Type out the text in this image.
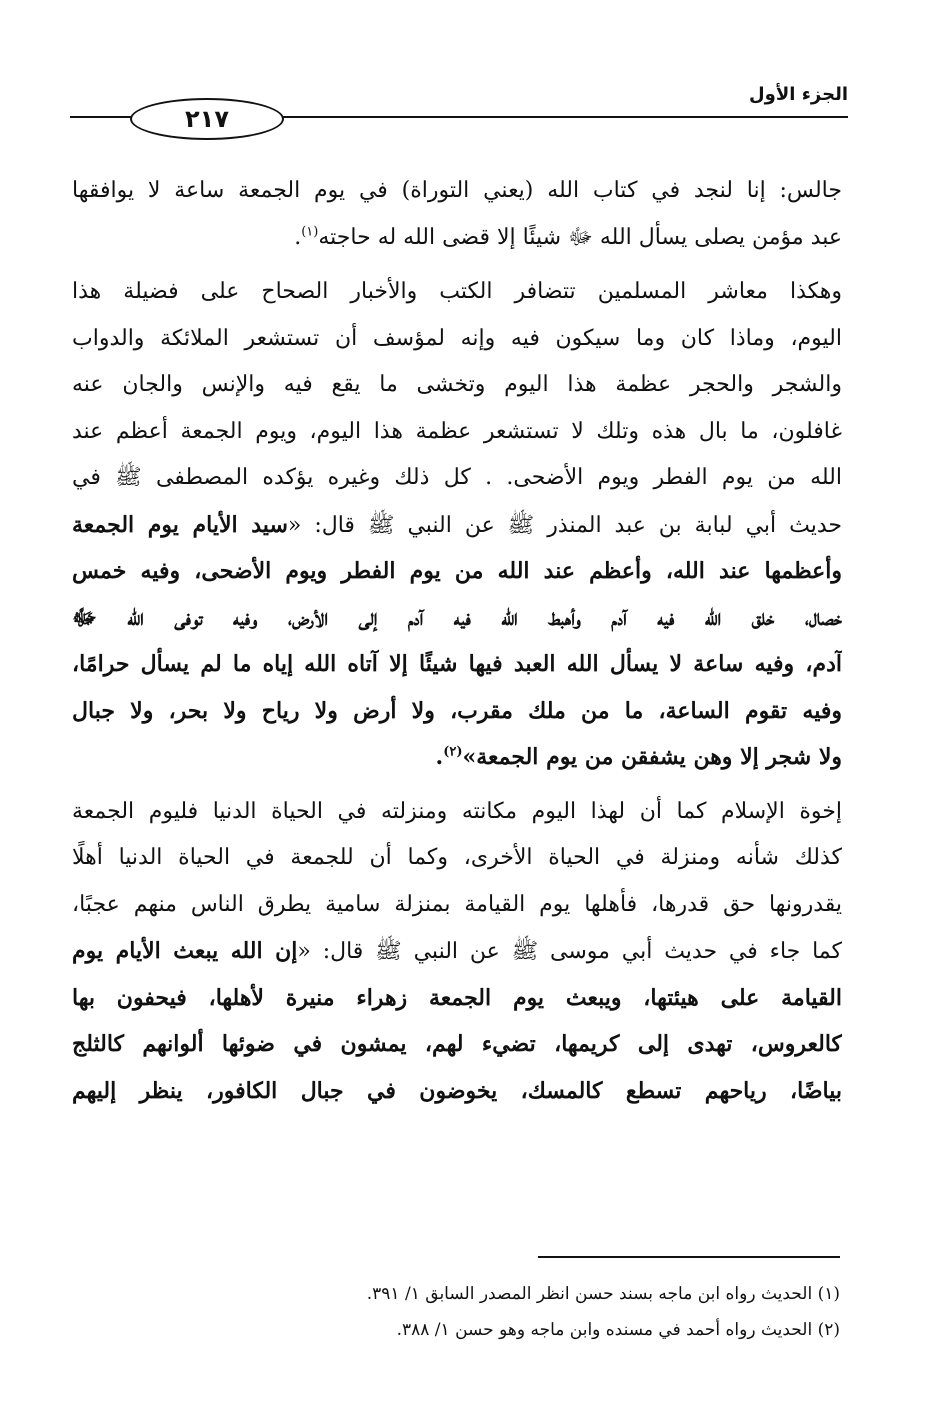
الجزء الأول
٢١٧
جالس: إنا لنجد في كتاب الله (يعني التوراة) في يوم الجمعة ساعة لا يوافقها
عبد مؤمن يصلى يسأل الله ﷻ شيئًا إلا قضى الله له حاجته$^{(١)}$.
وهكذا معاشر المسلمين تتضافر الكتب والأخبار الصحاح على فضيلة هذا
اليوم، وماذا كان وما سيكون فيه وإنه لمؤسف أن تستشعر الملائكة والدواب
والشجر والحجر عظمة هذا اليوم وتخشى ما يقع فيه والإنس والجان عنه
غافلون، ما بال هذه وتلك لا تستشعر عظمة هذا اليوم، ويوم الجمعة أعظم عند
الله من يوم الفطر ويوم الأضحى. . كل ذلك وغيره يؤكده المصطفى ﷺ في
حديث أبي لبابة بن عبد المنذر ﷺ عن النبي ﷺ قال: «سيد الأيام يوم الجمعة
وأعظمها عند الله، وأعظم عند الله من يوم الفطر ويوم الأضحى، وفيه خمس
خصال، خلق الله فيه آدم وأهبط الله فيه آدم إلى الأرض، وفيه توفى الله ﷻ
آدم، وفيه ساعة لا يسأل الله العبد فيها شيئًا إلا آتاه الله إياه ما لم يسأل حرامًا،
وفيه تقوم الساعة، ما من ملك مقرب، ولا أرض ولا رياح ولا بحر، ولا جبال
ولا شجر إلا وهن يشفقن من يوم الجمعة»$^{(٢)}$.
إخوة الإسلام كما أن لهذا اليوم مكانته ومنزلته في الحياة الدنيا فليوم الجمعة
كذلك شأنه ومنزلة في الحياة الأخرى، وكما أن للجمعة في الحياة الدنيا أهلًا
يقدرونها حق قدرها، فأهلها يوم القيامة بمنزلة سامية يطرق الناس منهم عجبًا،
كما جاء في حديث أبي موسى ﷺ عن النبي ﷺ قال: «إن الله يبعث الأيام يوم
القيامة على هيئتها، ويبعث يوم الجمعة زهراء منيرة لأهلها، فيحفون بها
كالعروس، تهدى إلى كريمها، تضيء لهم، يمشون في ضوئها ألوانهم كالثلج
بياضًا، رياحهم تسطع كالمسك، يخوضون في جبال الكافور، ينظر إليهم
(١) الحديث رواه ابن ماجه بسند حسن انظر المصدر السابق ١/ ٣٩١.
(٢) الحديث رواه أحمد في مسنده وابن ماجه وهو حسن ١/ ٣٨٨.
